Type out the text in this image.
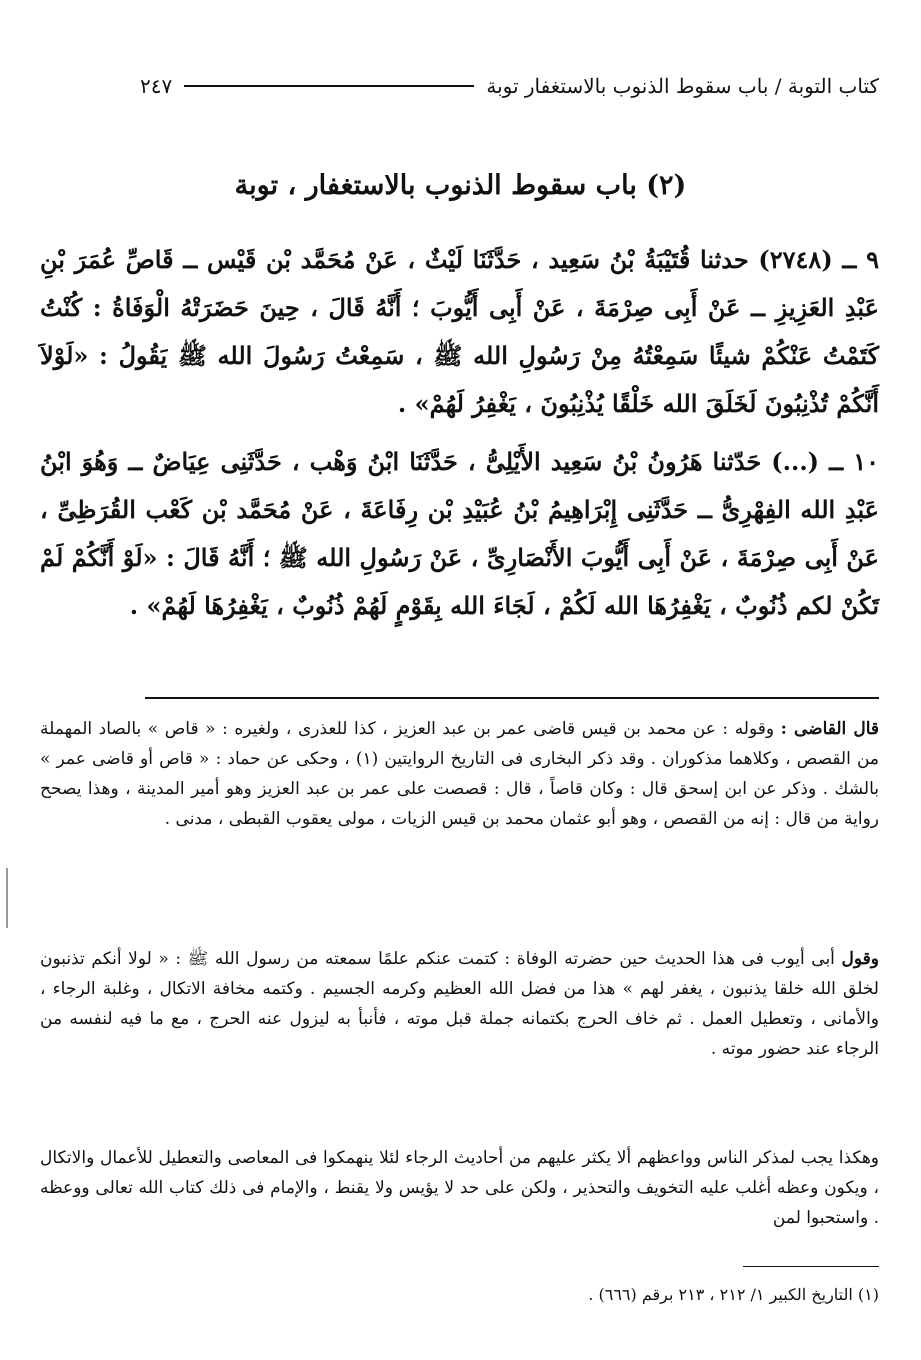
كتاب التوبة / باب سقوط الذنوب بالاستغفار توبة
٢٤٧
(٢) باب سقوط الذنوب بالاستغفار ، توبة
٩ ــ (٢٧٤٨) حدثنا قُتَيْبَةُ بْنُ سَعِيد ، حَدَّثَنَا لَيْثٌ ، عَنْ مُحَمَّد بْن قَيْس ــ قَاصِّ عُمَرَ بْنِ عَبْدِ العَزِيزِ ــ عَنْ أَبِى صِرْمَةَ ، عَنْ أَبِى أَيُّوبَ ؛ أَنَّهُ قَالَ ، حِينَ حَضَرَتْهُ الْوَفَاةُ : كُنْتُ كَتَمْتُ عَنْكُمْ شيئًا سَمِعْتُهُ مِنْ رَسُولِ الله ﷺ ، سَمِعْتُ رَسُولَ الله ﷺ يَقُولُ : «لَوْلاَ أَنَّكُمْ تُذْنِبُونَ لَخَلَقَ الله خَلْقًا يُذْنِبُونَ ، يَغْفِرُ لَهُمْ» .
١٠ ــ (...) حَدّثنا هَرُونُ بْنُ سَعِيد الأَيْلِىُّ ، حَدَّثَنَا ابْنُ وَهْب ، حَدَّثَنِى عِيَاضٌ ــ وَهُوَ ابْنُ عَبْدِ الله الفِهْرِىُّ ــ حَدَّثَنِى إِبْرَاهِيمُ بْنُ عُبَيْدِ بْن رِفَاعَةَ ، عَنْ مُحَمَّد بْن كَعْب القُرَظِىِّ ، عَنْ أَبِى صِرْمَةَ ، عَنْ أَبِى أَيُّوبَ الأَنْصَارِىِّ ، عَنْ رَسُولِ الله ﷺ ؛ أَنَّهُ قَالَ : «لَوْ أَنَّكُمْ لَمْ تَكُنْ لكم ذُنُوبٌ ، يَغْفِرُهَا الله لَكُمْ ، لَجَاءَ الله بِقَوْمٍ لَهُمْ ذُنُوبٌ ، يَغْفِرُهَا لَهُمْ» .
قال القاضى : وقوله : عن محمد بن قيس قاضى عمر بن عبد العزيز ، كذا للعذرى ، ولغيره : « قاص » بالصاد المهملة من القصص ، وكلاهما مذكوران . وقد ذكر البخارى فى التاريخ الروايتين (١) ، وحكى عن حماد : « قاص أو قاضى عمر » بالشك . وذكر عن ابن إسحق قال : وكان قاصاً ، قال : قصصت على عمر بن عبد العزيز وهو أمير المدينة ، وهذا يصحح رواية من قال : إنه من القصص ، وهو أبو عثمان محمد بن قيس الزيات ، مولى يعقوب القبطى ، مدنى .
وقول أبى أيوب فى هذا الحديث حين حضرته الوفاة : كتمت عنكم علمًا سمعته من رسول الله ﷺ : « لولا أنكم تذنبون لخلق الله خلقا يذنبون ، يغفر لهم » هذا من فضل الله العظيم وكرمه الجسيم . وكتمه مخافة الاتكال ، وغلبة الرجاء ، والأمانى ، وتعطيل العمل . ثم خاف الحرج بكتمانه جملة قبل موته ، فأنبأ به ليزول عنه الحرج ، مع ما فيه لنفسه من الرجاء عند حضور موته .
وهكذا يجب لمذكر الناس وواعظهم ألا يكثر عليهم من أحاديث الرجاء لئلا ينهمكوا فى المعاصى والتعطيل للأعمال والاتكال ، ويكون وعظه أغلب عليه التخويف والتحذير ، ولكن على حد لا يؤيس ولا يقنط ، والإمام فى ذلك كتاب الله تعالى ووعظه . واستحبوا لمن
(١) التاريخ الكبير ١/ ٢١٢ ، ٢١٣ برقم (٦٦٦) .
